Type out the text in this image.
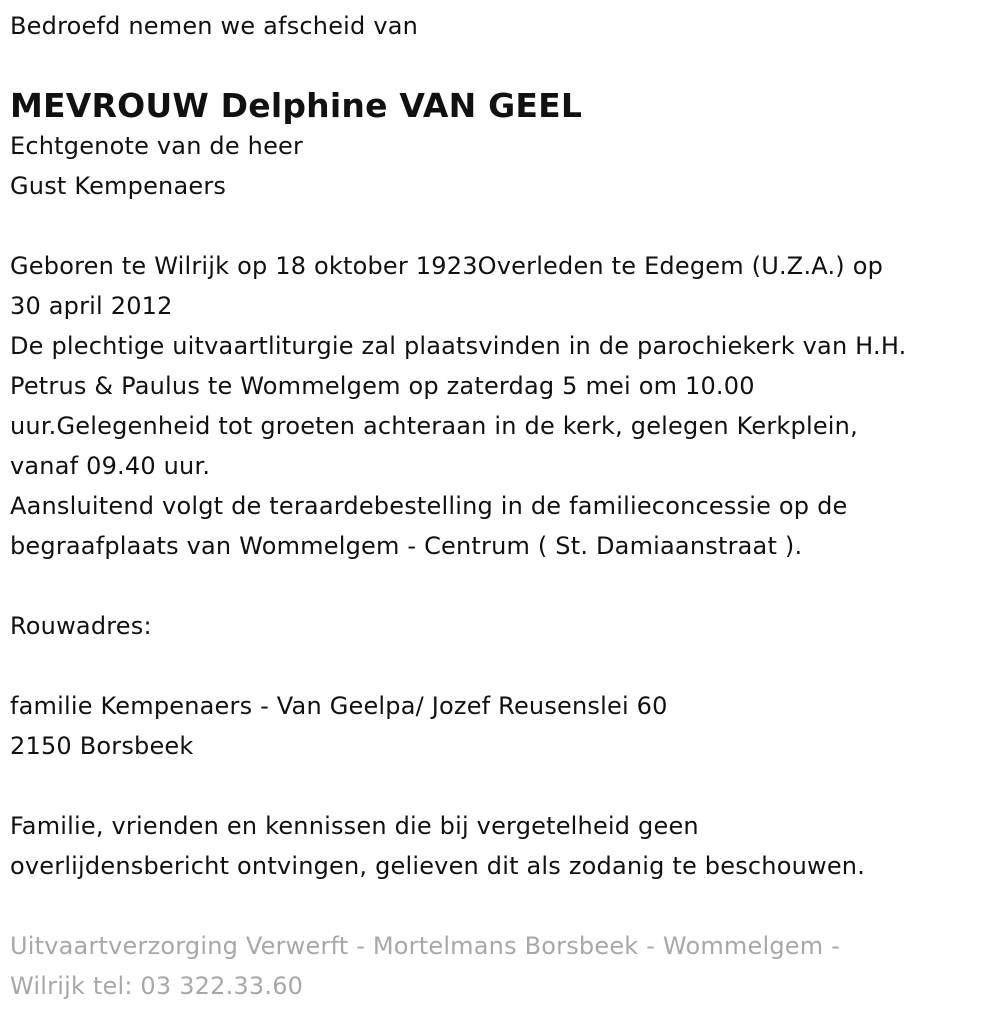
Bedroefd nemen we afscheid van
MEVROUW Delphine VAN GEEL
Echtgenote van de heer
Gust Kempenaers
Geboren te Wilrijk op 18 oktober 1923Overleden te Edegem (U.Z.A.) op
30 april 2012
De plechtige uitvaartliturgie zal plaatsvinden in de parochiekerk van H.H.
Petrus & Paulus te Wommelgem op zaterdag 5 mei om 10.00
uur.Gelegenheid tot groeten achteraan in de kerk, gelegen Kerkplein,
vanaf 09.40 uur.
Aansluitend volgt de teraardebestelling in de familieconcessie op de
begraafplaats van Wommelgem - Centrum ( St. Damiaanstraat ).
Rouwadres:
familie Kempenaers - Van Geelpa/ Jozef Reusenslei 60
2150 Borsbeek
Familie, vrienden en kennissen die bij vergetelheid geen
overlijdensbericht ontvingen, gelieven dit als zodanig te beschouwen.
Uitvaartverzorging Verwerft - Mortelmans Borsbeek - Wommelgem -
Wilrijk tel: 03 322.33.60
